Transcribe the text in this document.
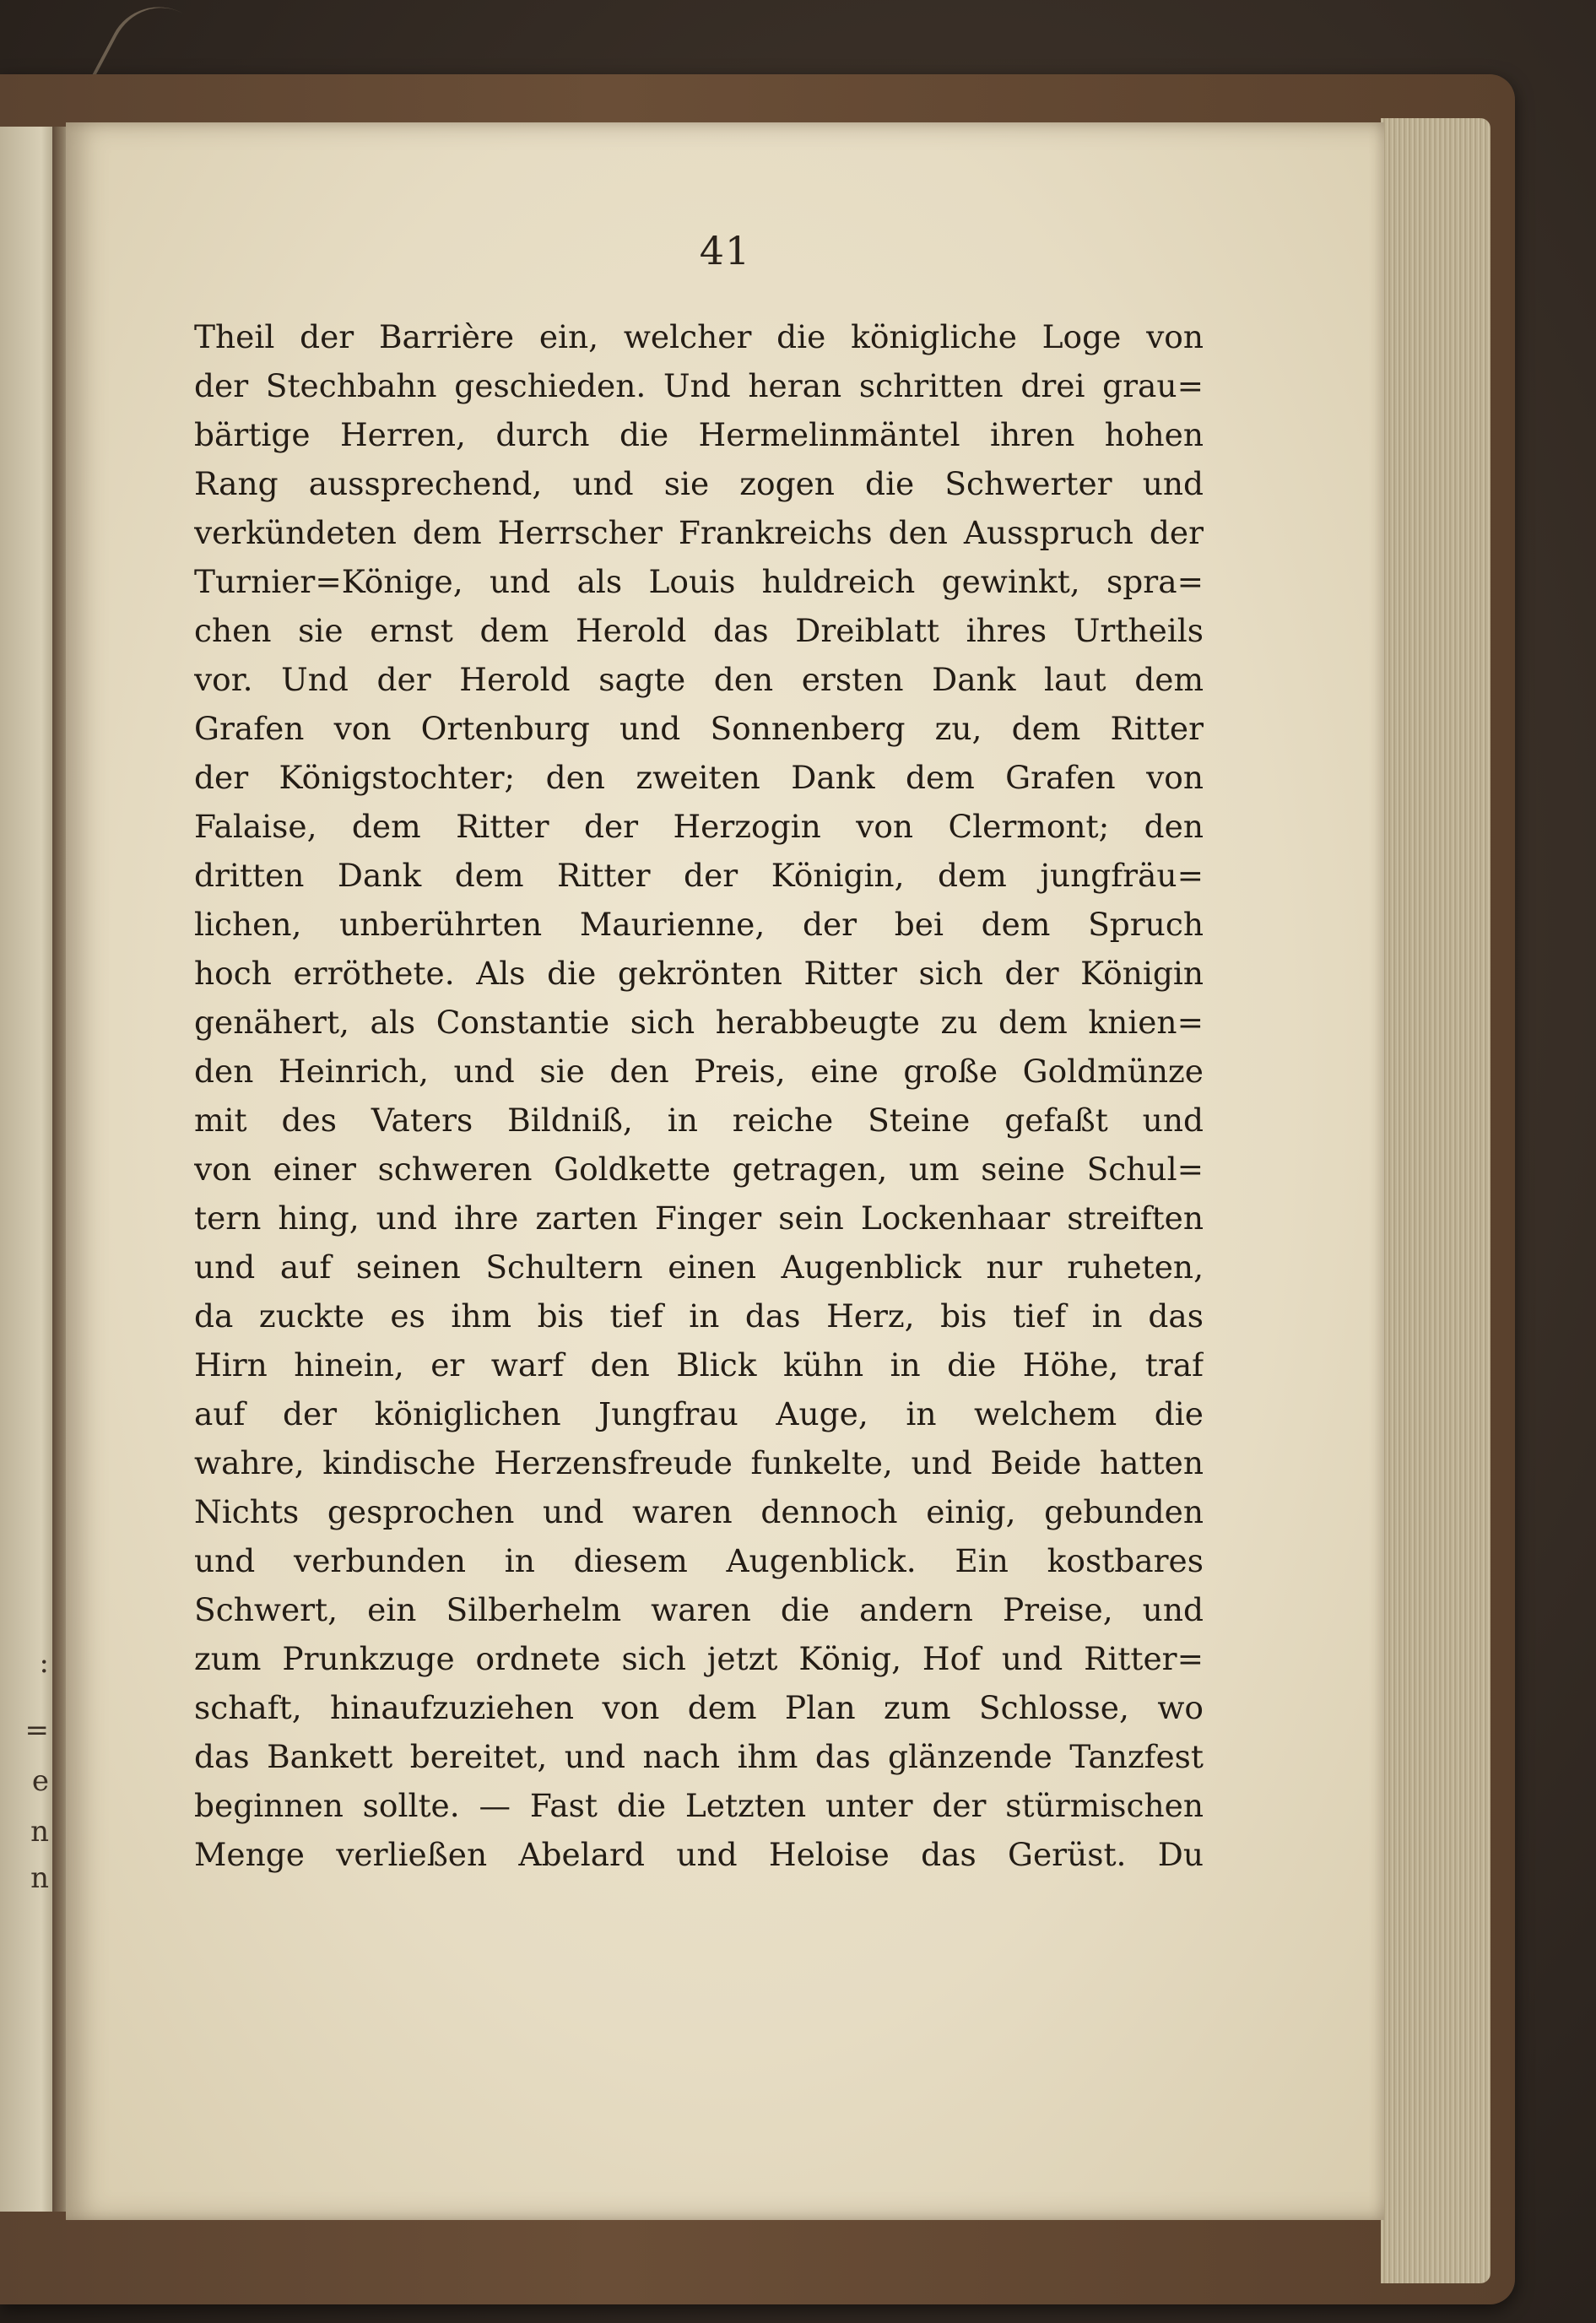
:
=
e
n
n
41
Theil der Barrière ein, welcher die königliche Loge von
der Stechbahn geschieden. Und heran schritten drei grau=
bärtige Herren, durch die Hermelinmäntel ihren hohen
Rang aussprechend, und sie zogen die Schwerter und
verkündeten dem Herrscher Frankreichs den Ausspruch der
Turnier=Könige, und als Louis huldreich gewinkt, spra=
chen sie ernst dem Herold das Dreiblatt ihres Urtheils
vor. Und der Herold sagte den ersten Dank laut dem
Grafen von Ortenburg und Sonnenberg zu, dem Ritter
der Königstochter; den zweiten Dank dem Grafen von
Falaise, dem Ritter der Herzogin von Clermont; den
dritten Dank dem Ritter der Königin, dem jungfräu=
lichen, unberührten Maurienne, der bei dem Spruch
hoch erröthete. Als die gekrönten Ritter sich der Königin
genähert, als Constantie sich herabbeugte zu dem knien=
den Heinrich, und sie den Preis, eine große Goldmünze
mit des Vaters Bildniß, in reiche Steine gefaßt und
von einer schweren Goldkette getragen, um seine Schul=
tern hing, und ihre zarten Finger sein Lockenhaar streiften
und auf seinen Schultern einen Augenblick nur ruheten,
da zuckte es ihm bis tief in das Herz, bis tief in das
Hirn hinein, er warf den Blick kühn in die Höhe, traf
auf der königlichen Jungfrau Auge, in welchem die
wahre, kindische Herzensfreude funkelte, und Beide hatten
Nichts gesprochen und waren dennoch einig, gebunden
und verbunden in diesem Augenblick. Ein kostbares
Schwert, ein Silberhelm waren die andern Preise, und
zum Prunkzuge ordnete sich jetzt König, Hof und Ritter=
schaft, hinaufzuziehen von dem Plan zum Schlosse, wo
das Bankett bereitet, und nach ihm das glänzende Tanzfest
beginnen sollte. — Fast die Letzten unter der stürmischen
Menge verließen Abelard und Heloise das Gerüst. Du
